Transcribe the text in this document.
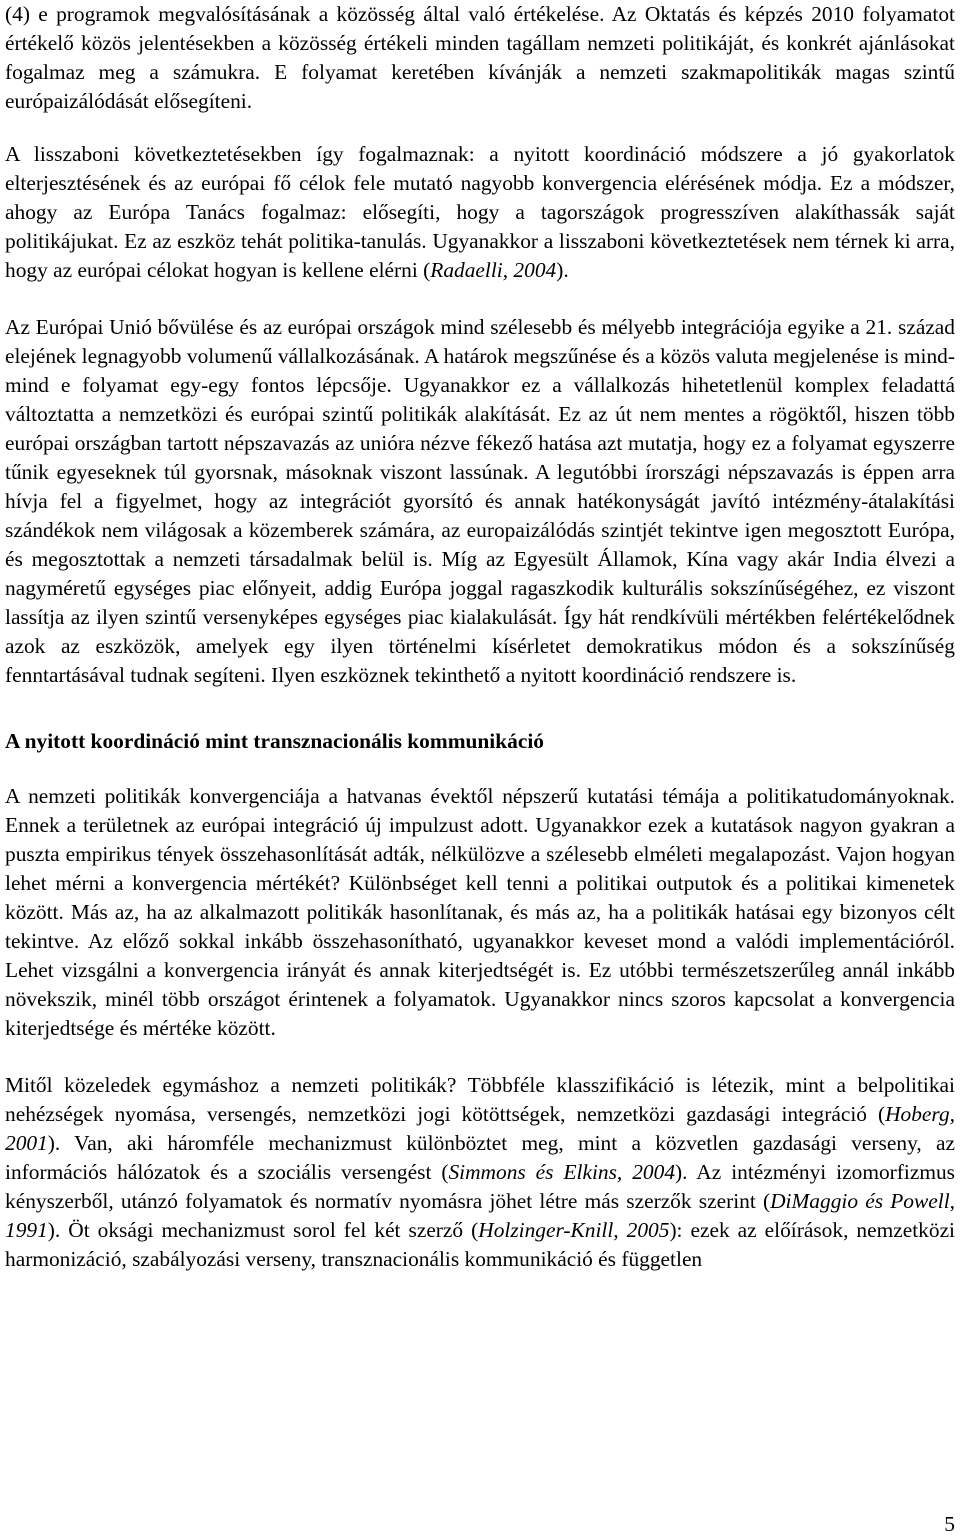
(4) e programok megvalósításának a közösség által való értékelése. Az Oktatás és képzés 2010 folyamatot értékelő közös jelentésekben a közösség értékeli minden tagállam nemzeti politikáját, és konkrét ajánlásokat fogalmaz meg a számukra. E folyamat keretében kívánják a nemzeti szakmapolitikák magas szintű európaizálódását elősegíteni.

A lisszaboni következtetésekben így fogalmaznak: a nyitott koordináció módszere a jó gyakorlatok elterjesztésének és az európai fő célok fele mutató nagyobb konvergencia elérésének módja. Ez a módszer, ahogy az Európa Tanács fogalmaz: elősegíti, hogy a tagországok progresszíven alakíthassák saját politikájukat. Ez az eszköz tehát politika-tanulás. Ugyanakkor a lisszaboni következtetések nem térnek ki arra, hogy az európai célokat hogyan is kellene elérni (Radaelli, 2004).

Az Európai Unió bővülése és az európai országok mind szélesebb és mélyebb integrációja egyike a 21. század elejének legnagyobb volumenű vállalkozásának. A határok megszűnése és a közös valuta megjelenése is mind-mind e folyamat egy-egy fontos lépcsője. Ugyanakkor ez a vállalkozás hihetetlenül komplex feladattá változtatta a nemzetközi és európai szintű politikák alakítását. Ez az út nem mentes a rögöktől, hiszen több európai országban tartott népszavazás az unióra nézve fékező hatása azt mutatja, hogy ez a folyamat egyszerre tűnik egyeseknek túl gyorsnak, másoknak viszont lassúnak. A legutóbbi írországi népszavazás is éppen arra hívja fel a figyelmet, hogy az integrációt gyorsító és annak hatékonyságát javító intézmény-átalakítási szándékok nem világosak a közemberek számára, az europaizálódás szintjét tekintve igen megosztott Európa, és megosztottak a nemzeti társadalmak belül is. Míg az Egyesült Államok, Kína vagy akár India élvezi a nagyméretű egységes piac előnyeit, addig Európa joggal ragaszkodik kulturális sokszínűségéhez, ez viszont lassítja az ilyen szintű versenyképes egységes piac kialakulását. Így hát rendkívüli mértékben felértékelődnek azok az eszközök, amelyek egy ilyen történelmi kísérletet demokratikus módon és a sokszínűség fenntartásával tudnak segíteni. Ilyen eszköznek tekinthető a nyitott koordináció rendszere is.

A nyitott koordináció mint transznacionális kommunikáció

A nemzeti politikák konvergenciája a hatvanas évektől népszerű kutatási témája a politikatudományoknak. Ennek a területnek az európai integráció új impulzust adott. Ugyanakkor ezek a kutatások nagyon gyakran a puszta empirikus tények összehasonlítását adták, nélkülözve a szélesebb elméleti megalapozást. Vajon hogyan lehet mérni a konvergencia mértékét? Különbséget kell tenni a politikai outputok és a politikai kimenetek között. Más az, ha az alkalmazott politikák hasonlítanak, és más az, ha a politikák hatásai egy bizonyos célt tekintve. Az előző sokkal inkább összehasonítható, ugyanakkor keveset mond a valódi implementációról. Lehet vizsgálni a konvergencia irányát és annak kiterjedtségét is. Ez utóbbi természetszerűleg annál inkább növekszik, minél több országot érintenek a folyamatok. Ugyanakkor nincs szoros kapcsolat a konvergencia kiterjedtsége és mértéke között.

Mitől közeledek egymáshoz a nemzeti politikák? Többféle klasszifikáció is létezik, mint a belpolitikai nehézségek nyomása, versengés, nemzetközi jogi kötöttségek, nemzetközi gazdasági integráció (Hoberg, 2001). Van, aki háromféle mechanizmust különböztet meg, mint a közvetlen gazdasági verseny, az információs hálózatok és a szociális versengést (Simmons és Elkins, 2004). Az intézményi izomorfizmus kényszerből, utánzó folyamatok és normatív nyomásra jöhet létre más szerzők szerint (DiMaggio és Powell, 1991). Öt oksági mechanizmust sorol fel két szerző (Holzinger-Knill, 2005): ezek az előírások, nemzetközi harmonizáció, szabályozási verseny, transznacionális kommunikáció és független

5
